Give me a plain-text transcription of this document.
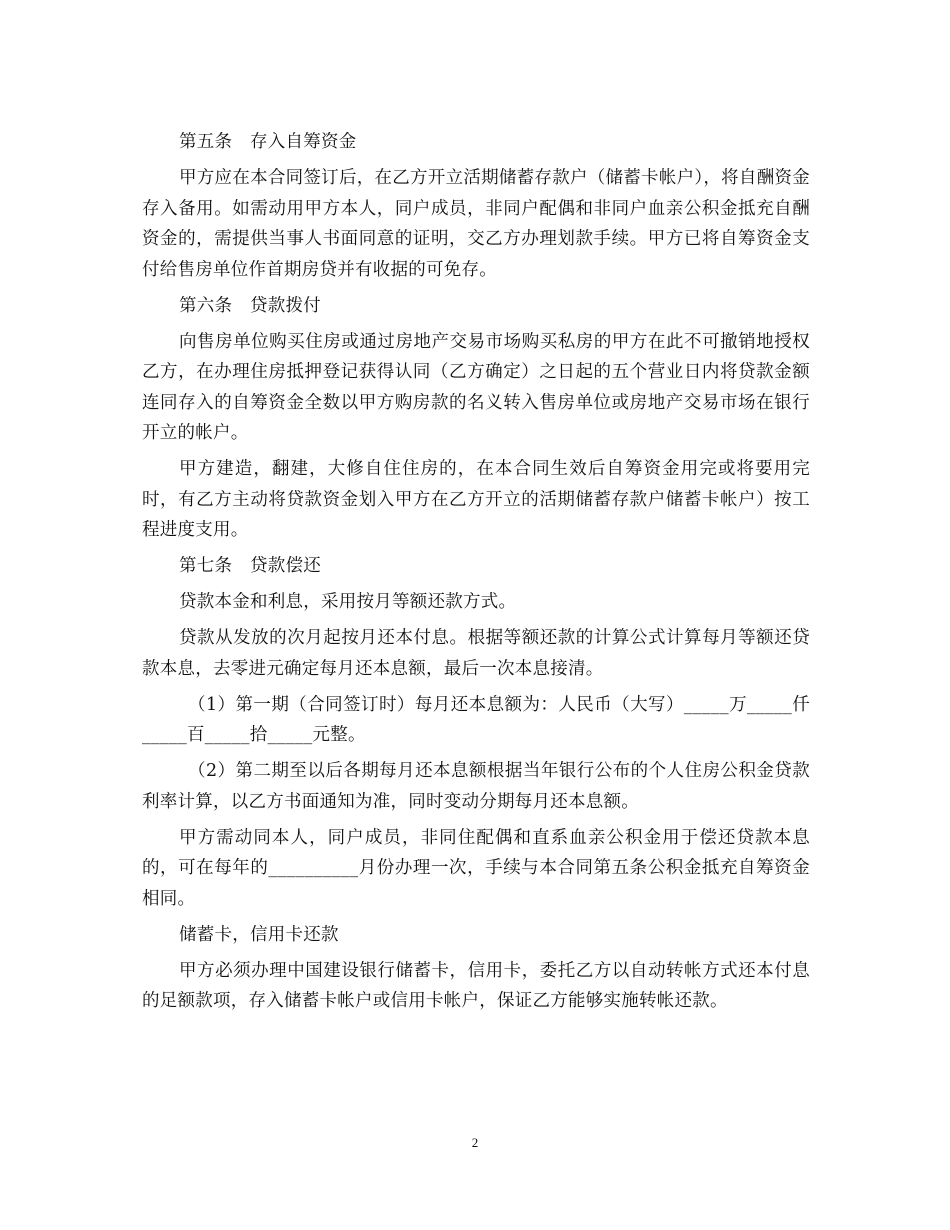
第五条　存入自筹资金

甲方应在本合同签订后，在乙方开立活期储蓄存款户（储蓄卡帐户），将自酬资金存入备用。如需动用甲方本人，同户成员，非同户配偶和非同户血亲公积金抵充自酬资金的，需提供当事人书面同意的证明，交乙方办理划款手续。甲方已将自筹资金支付给售房单位作首期房贷并有收据的可免存。

第六条　贷款拨付

向售房单位购买住房或通过房地产交易市场购买私房的甲方在此不可撤销地授权乙方，在办理住房抵押登记获得认同（乙方确定）之日起的五个营业日内将贷款金额连同存入的自筹资金全数以甲方购房款的名义转入售房单位或房地产交易市场在银行开立的帐户。

甲方建造，翻建，大修自住住房的，在本合同生效后自筹资金用完或将要用完时，有乙方主动将贷款资金划入甲方在乙方开立的活期储蓄存款户储蓄卡帐户）按工程进度支用。

第七条　贷款偿还

贷款本金和利息，采用按月等额还款方式。

贷款从发放的次月起按月还本付息。根据等额还款的计算公式计算每月等额还贷款本息，去零进元确定每月还本息额，最后一次本息接清。

（1）第一期（合同签订时）每月还本息额为：人民币（大写）_____万_____仟_____百_____拾_____元整。

（2）第二期至以后各期每月还本息额根据当年银行公布的个人住房公积金贷款利率计算，以乙方书面通知为准，同时变动分期每月还本息额。

甲方需动同本人，同户成员，非同住配偶和直系血亲公积金用于偿还贷款本息的，可在每年的__________月份办理一次，手续与本合同第五条公积金抵充自筹资金相同。

储蓄卡，信用卡还款

甲方必须办理中国建设银行储蓄卡，信用卡，委托乙方以自动转帐方式还本付息的足额款项，存入储蓄卡帐户或信用卡帐户，保证乙方能够实施转帐还款。

2
